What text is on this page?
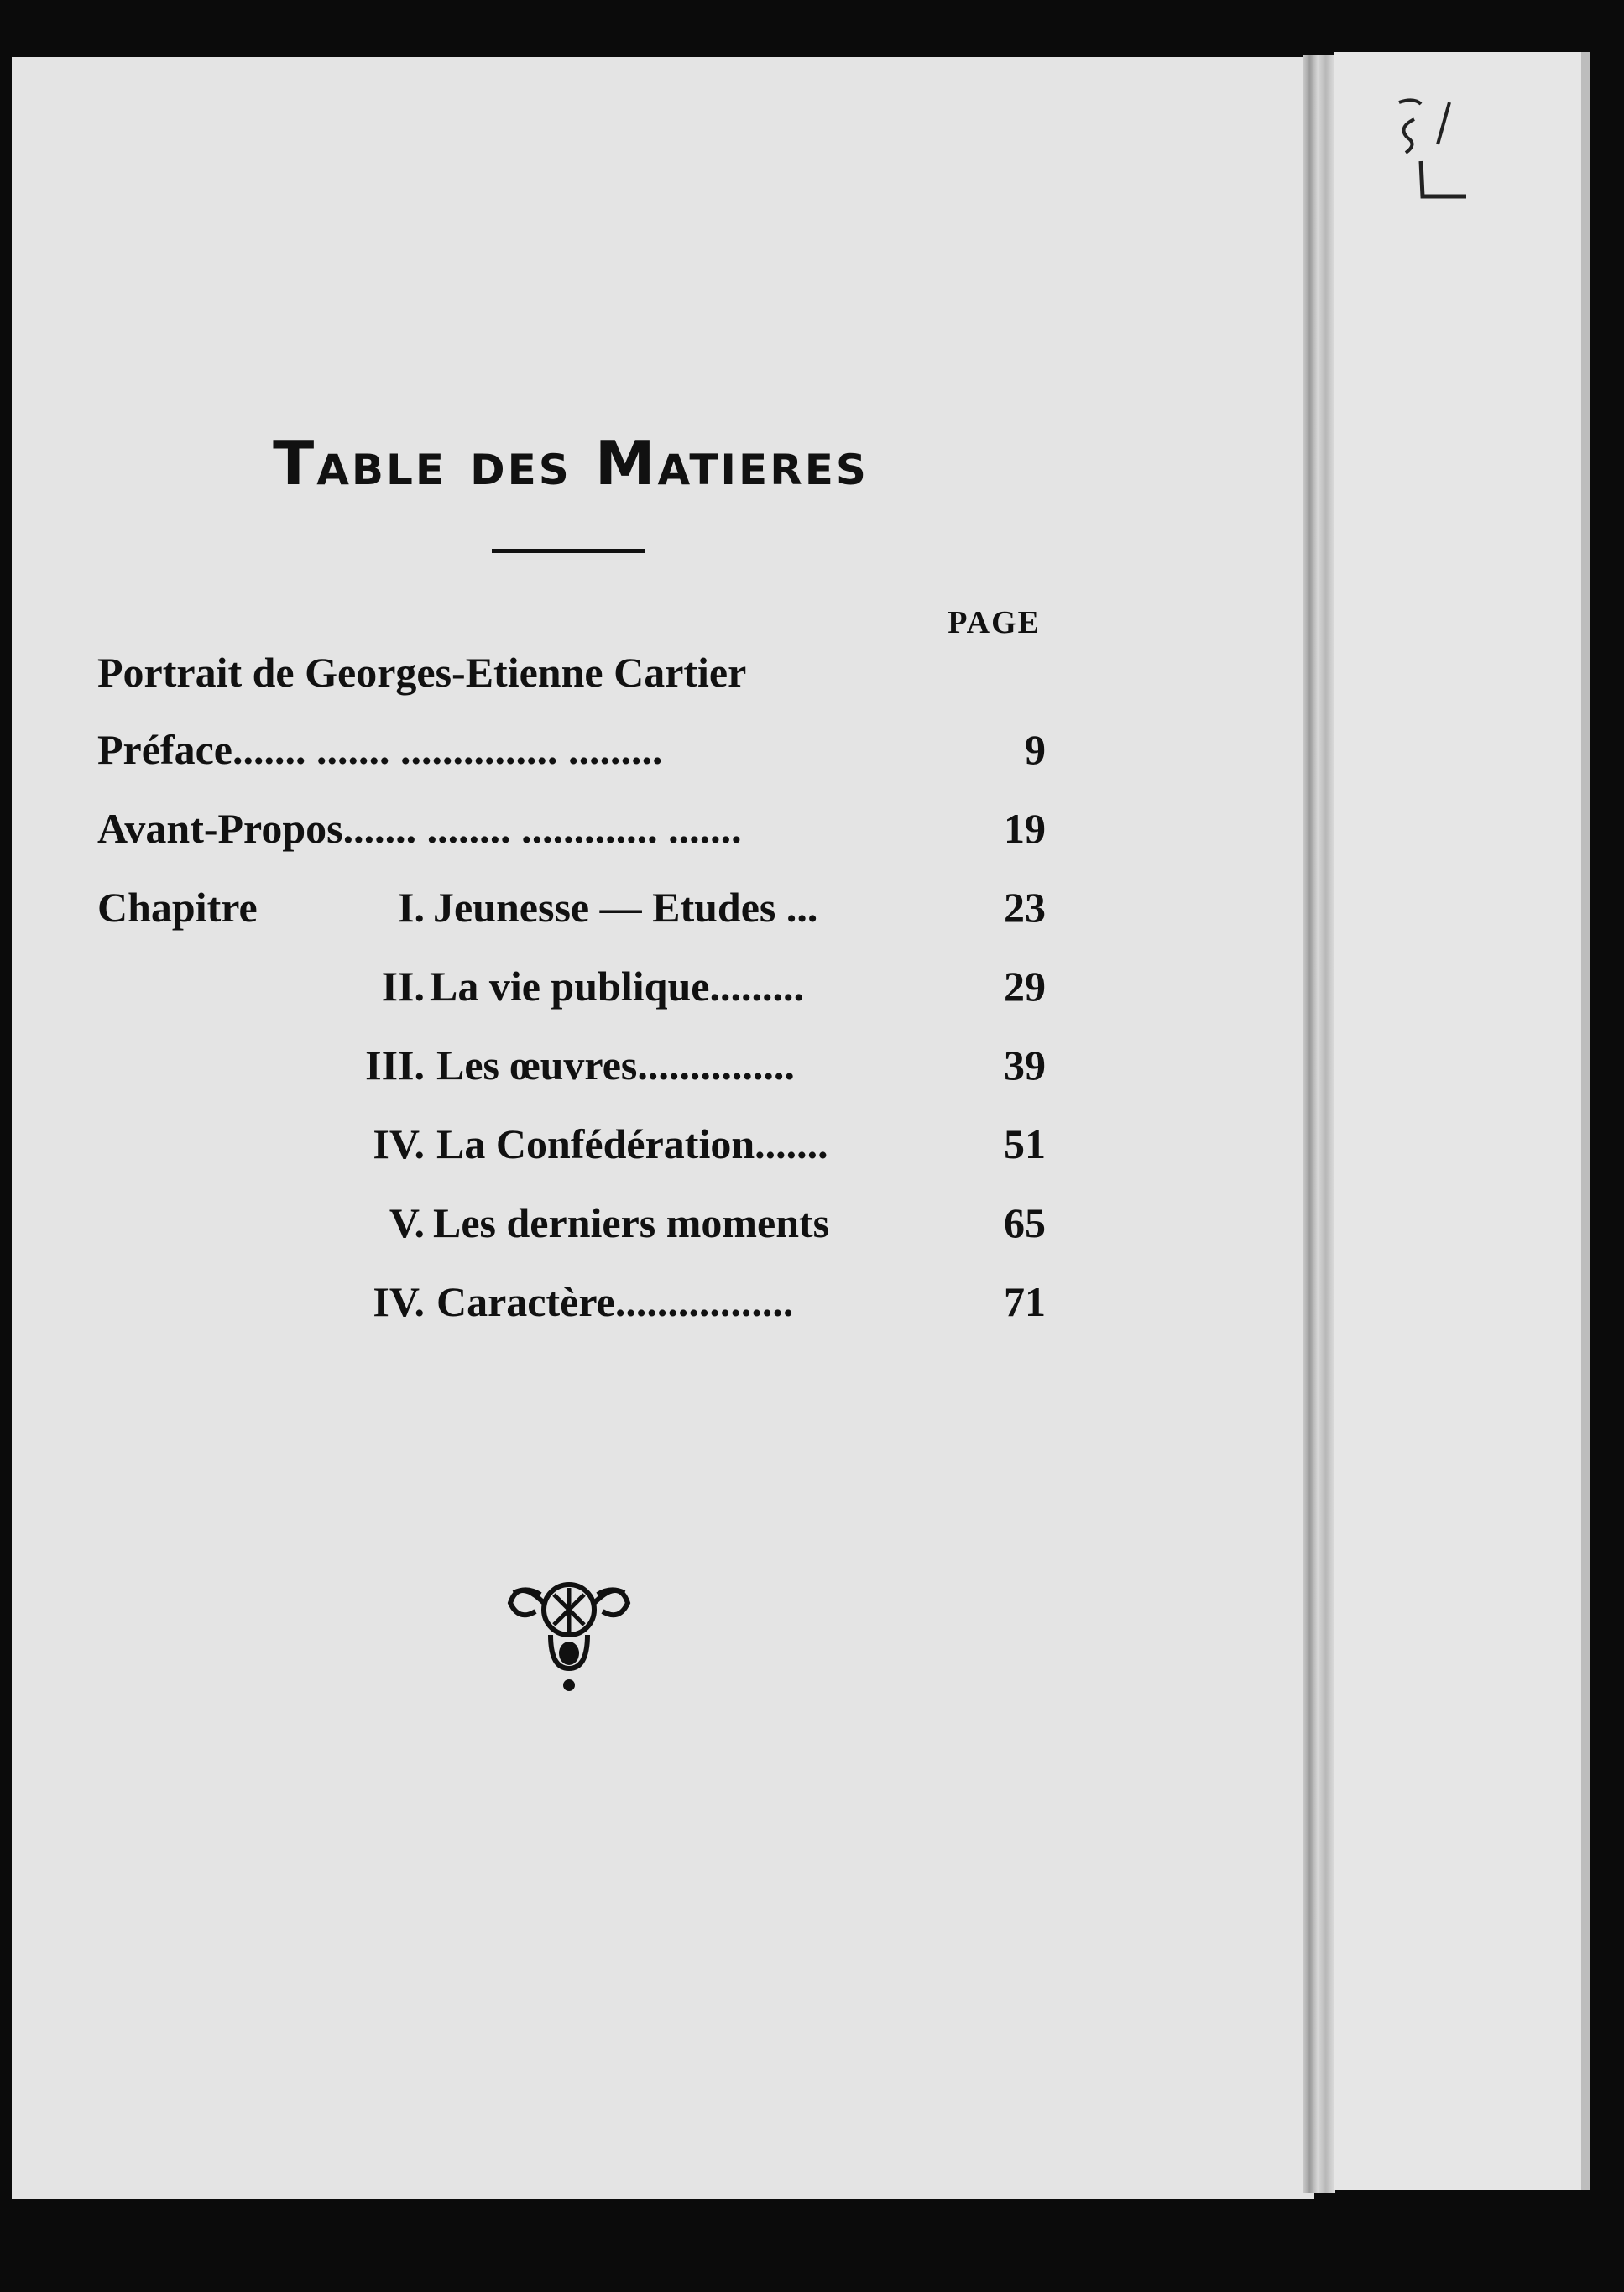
Table des Matieres
PAGE
Portrait de Georges-Etienne Cartier
Préface....... ....... ............... .........	9
Avant-Propos....... ........ ............. .......	19
Chapitre	I. Jeunesse — Etudes ...	23
II. La vie publique.........	29
III. Les œuvres...............	39
IV. La Confédération.......	51
V. Les derniers moments	65
IV. Caractère.................	71
